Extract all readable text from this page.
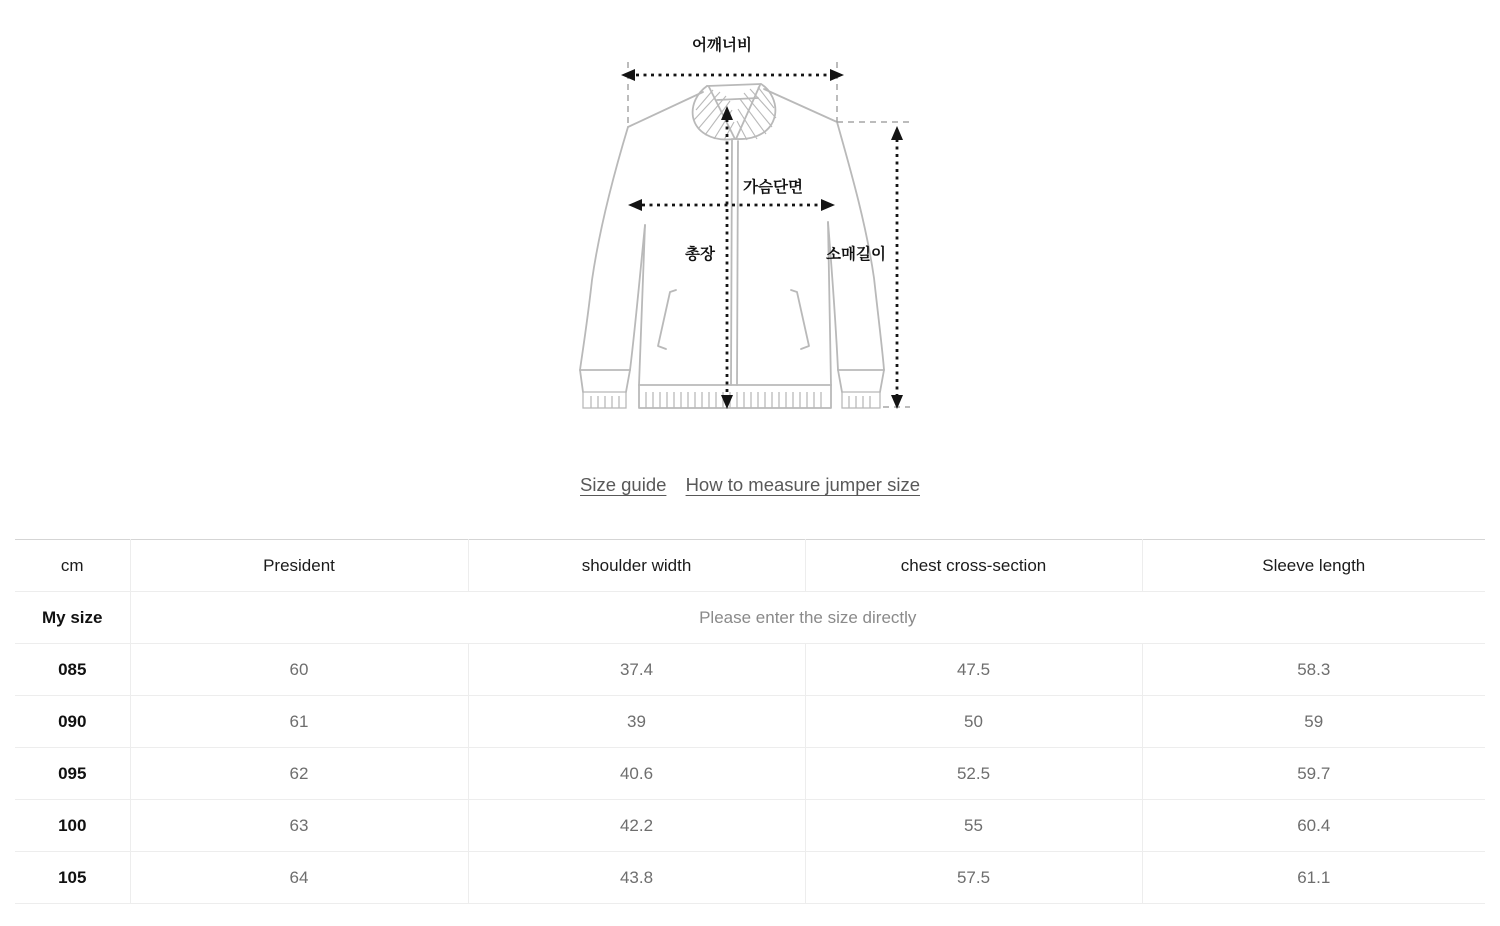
어깨너비
가슴단면
총장	소매길이
Size guide How to measure jumper size
cm	President	shoulder width	chest cross-section	Sleeve length
My size	Please enter the size directly			
085	60	37.4	47.5	58.3
090	61	39	50	59
095	62	40.6	52.5	59.7
100	63	42.2	55	60.4
105	64	43.8	57.5	61.1
